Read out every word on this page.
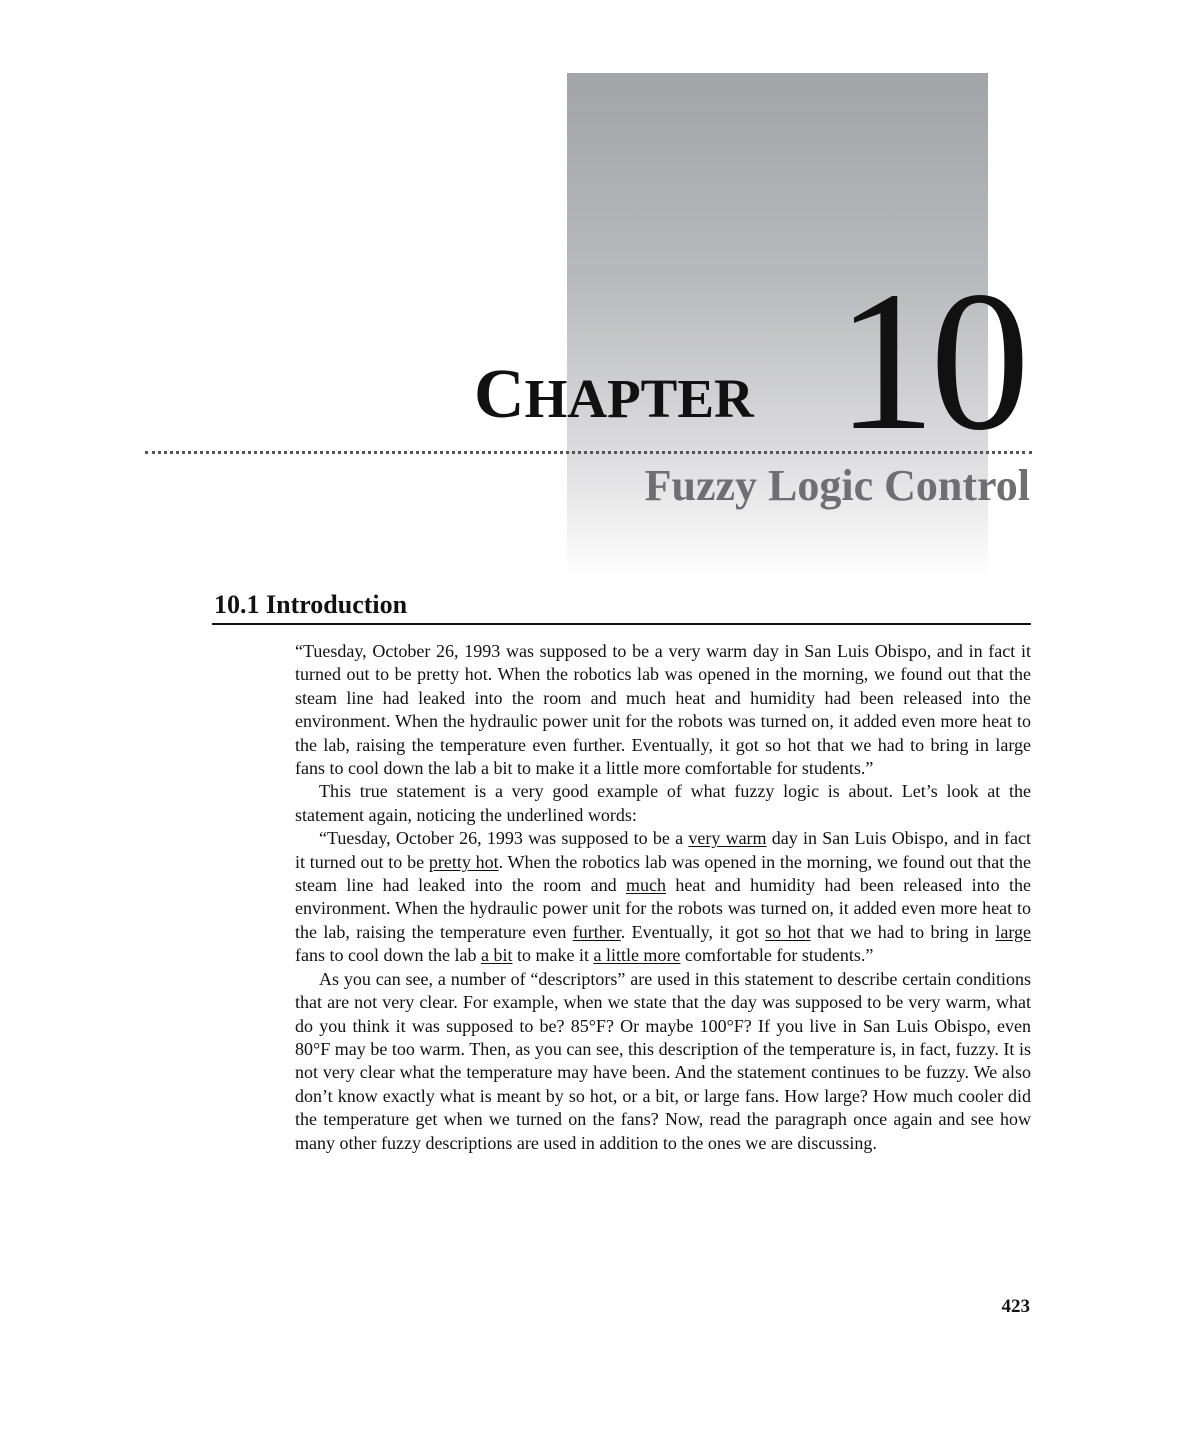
CHAPTER 10
Fuzzy Logic Control
10.1 Introduction

“Tuesday, October 26, 1993 was supposed to be a very warm day in San Luis Obispo, and in fact it turned out to be pretty hot. When the robotics lab was opened in the morning, we found out that the steam line had leaked into the room and much heat and humidity had been released into the environment. When the hydraulic power unit for the robots was turned on, it added even more heat to the lab, raising the temperature even further. Eventually, it got so hot that we had to bring in large fans to cool down the lab a bit to make it a little more comfortable for students.”

This true statement is a very good example of what fuzzy logic is about. Let’s look at the statement again, noticing the underlined words:

“Tuesday, October 26, 1993 was supposed to be a very warm day in San Luis Obispo, and in fact it turned out to be pretty hot. When the robotics lab was opened in the morning, we found out that the steam line had leaked into the room and much heat and humidity had been released into the environment. When the hydraulic power unit for the robots was turned on, it added even more heat to the lab, raising the temperature even further. Eventually, it got so hot that we had to bring in large fans to cool down the lab a bit to make it a little more comfortable for students.”

As you can see, a number of “descriptors” are used in this statement to describe certain conditions that are not very clear. For example, when we state that the day was supposed to be very warm, what do you think it was supposed to be? 85°F? Or maybe 100°F? If you live in San Luis Obispo, even 80°F may be too warm. Then, as you can see, this description of the temperature is, in fact, fuzzy. It is not very clear what the temperature may have been. And the statement continues to be fuzzy. We also don’t know exactly what is meant by so hot, or a bit, or large fans. How large? How much cooler did the temperature get when we turned on the fans? Now, read the paragraph once again and see how many other fuzzy descriptions are used in addition to the ones we are discussing.

423
